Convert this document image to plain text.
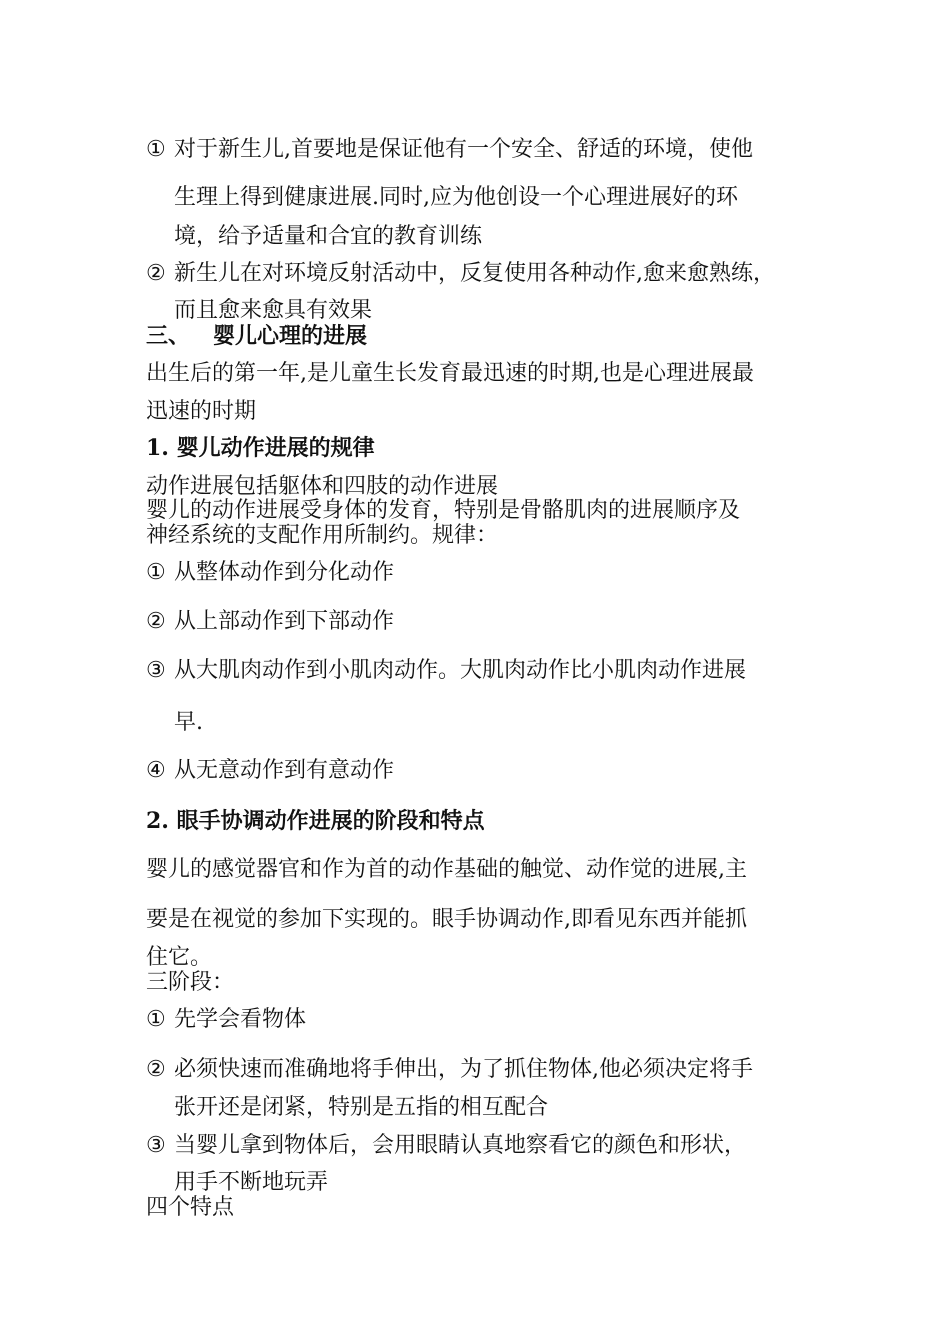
① 对于新生儿,首要地是保证他有一个安全、舒适的环境，使他
生理上得到健康进展.同时,应为他创设一个心理进展好的环
境，给予适量和合宜的教育训练
② 新生儿在对环境反射活动中，反复使用各种动作,愈来愈熟练，
而且愈来愈具有效果
三、   婴儿心理的进展
出生后的第一年,是儿童生长发育最迅速的时期,也是心理进展最
迅速的时期
1. 婴儿动作进展的规律
动作进展包括躯体和四肢的动作进展
婴儿的动作进展受身体的发育，特别是骨骼肌肉的进展顺序及
神经系统的支配作用所制约。规律：
① 从整体动作到分化动作
② 从上部动作到下部动作
③ 从大肌肉动作到小肌肉动作。大肌肉动作比小肌肉动作进展
早.
④ 从无意动作到有意动作
2. 眼手协调动作进展的阶段和特点
婴儿的感觉器官和作为首的动作基础的触觉、动作觉的进展,主
要是在视觉的参加下实现的。眼手协调动作,即看见东西并能抓
住它。
三阶段：
① 先学会看物体
② 必须快速而准确地将手伸出，为了抓住物体,他必须决定将手
张开还是闭紧，特别是五指的相互配合
③ 当婴儿拿到物体后，会用眼睛认真地察看它的颜色和形状，
用手不断地玩弄
四个特点
